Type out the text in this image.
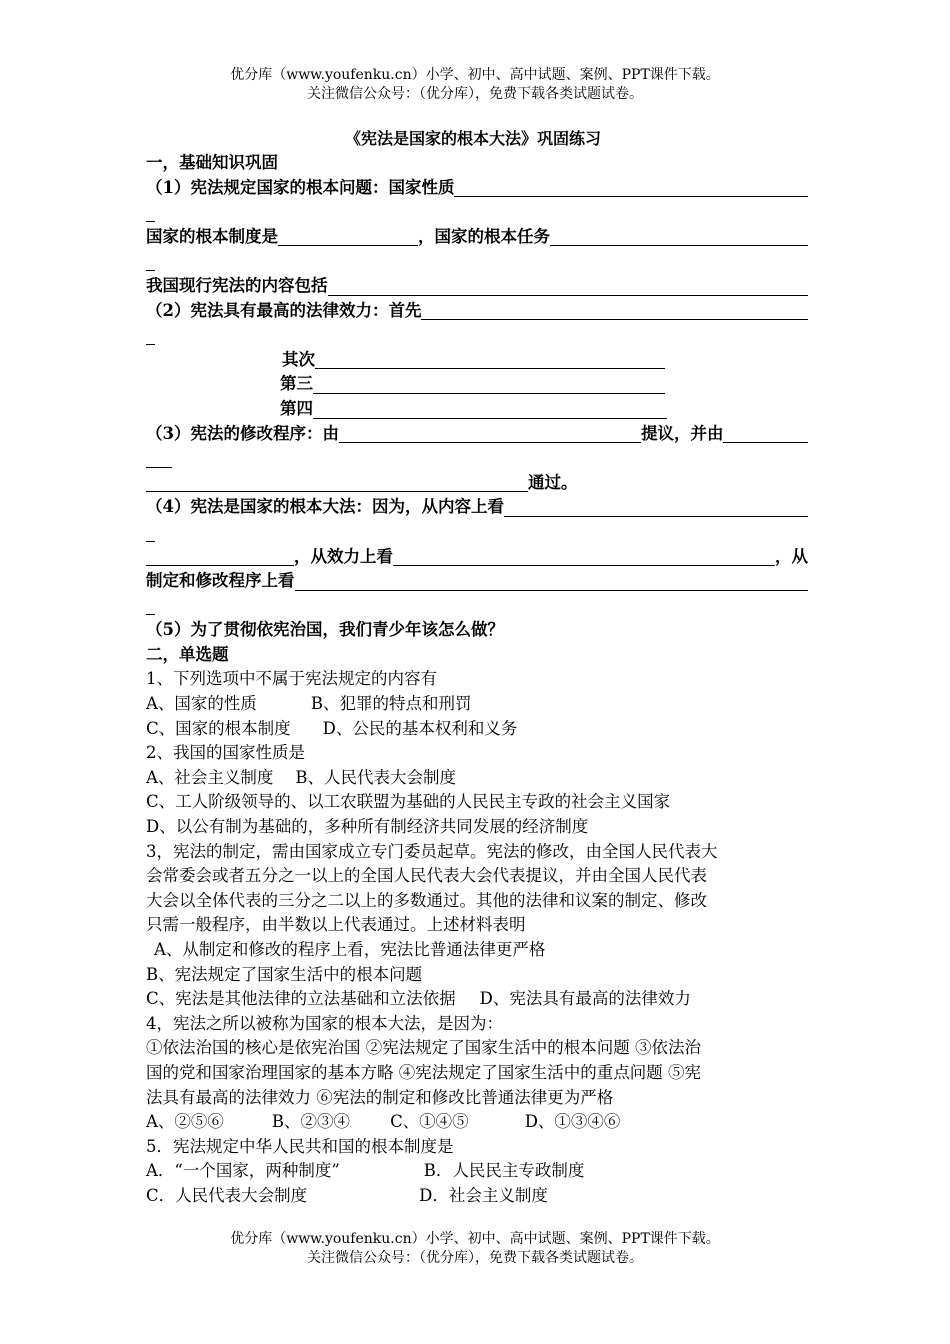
优分库（www.youfenku.cn）小学、初中、高中试题、案例、PPT课件下载。
关注微信公众号：（优分库），免费下载各类试题试卷。
《宪法是国家的根本大法》巩固练习
一，基础知识巩固
（1）宪法规定国家的根本问题：国家性质
国家的根本制度是	，国家的根本任务
我国现行宪法的内容包括
（2）宪法具有最高的法律效力：首先
其次
第三
第四
（3）宪法的修改程序：由	提议，并由
通过。
（4）宪法是国家的根本大法：因为，从内容上看
，从效力上看	，从
制定和修改程序上看
（5）为了贯彻依宪治国，我们青少年该怎么做？
二，单选题
1、下列选项中不属于宪法规定的内容有
A、国家的性质	B、犯罪的特点和刑罚
C、国家的根本制度 D、公民的基本权利和义务
2、我国的国家性质是
A、社会主义制度 B、人民代表大会制度
C、工人阶级领导的、以工农联盟为基础的人民民主专政的社会主义国家
D、以公有制为基础的，多种所有制经济共同发展的经济制度
3，宪法的制定，需由国家成立专门委员起草。宪法的修改，由全国人民代表大
会常委会或者五分之一以上的全国人民代表大会代表提议，并由全国人民代表
大会以全体代表的三分之二以上的多数通过。其他的法律和议案的制定、修改
只需一般程序，由半数以上代表通过。上述材料表明
A、从制定和修改的程序上看，宪法比普通法律更严格
B、宪法规定了国家生活中的根本问题
C、宪法是其他法律的立法基础和立法依据 D、宪法具有最高的法律效力
4，宪法之所以被称为国家的根本大法，是因为：
①依法治国的核心是依宪治国 ②宪法规定了国家生活中的根本问题 ③依法治
国的党和国家治理国家的基本方略 ④宪法规定了国家生活中的重点问题 ⑤宪
法具有最高的法律效力 ⑥宪法的制定和修改比普通法律更为严格
A、②⑤⑥	B、②③④ C、①④⑤	D、①③④⑥
5．宪法规定中华人民共和国的根本制度是
A．“一个国家，两种制度”	B．人民民主专政制度
C．人民代表大会制度	D．社会主义制度
优分库（www.youfenku.cn）小学、初中、高中试题、案例、PPT课件下载。
关注微信公众号：（优分库），免费下载各类试题试卷。
